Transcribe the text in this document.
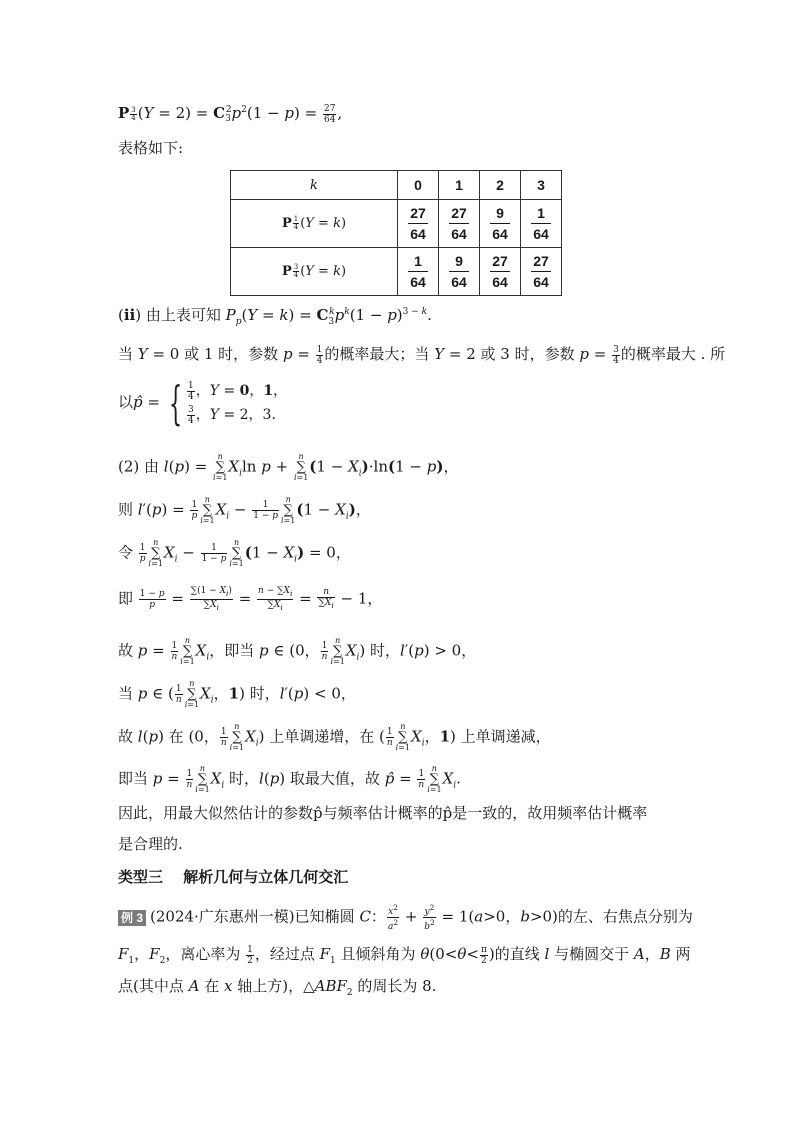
P $\frac{3}{4} (Y = 2) = C_3^2p^2(1 - p) = \frac{27}{64}$ ,
表格如下:
k	0	1	2	3
P $\frac{1}{4} (Y = k)$	$\frac{27}{64}$	$\frac{27}{64}$	$\frac{9}{64}$	$\frac{1}{64}$

P $\frac{3}{4} (Y = k)$	$\frac{1}{64}$	$\frac{9}{64}$	$\frac{27}{64}$	$\frac{27}{64}$
(ⅱ) 由上表可知 $P_p(Y = k) = C_3^kp^k(1 - p)^{3 - k}$.
当 Y = 0 或 1 时，参数 $p = \frac{1}{4}$ 的概率最大；当 Y = 2 或 3 时，参数 $p = \frac{3}{4}$ 的概率最大 . 所
以p̂ = { $\frac{1}{4}$ ，Y = 0，1，
$\frac{3}{4}$ ，Y = 2，3.
(2) 由 l(p) =
n
∑
i=1
$X_i\ln$ p +
n
∑
i=1
$(1 - X_i)\cdot\ln(1 - p)$，
则 $l'(p) = \frac{1}{p}$
n
∑
i=1
$X_i - \frac{1}{1 - p}$
n
∑
i=1
$(1 - X_i)$，
令 $\frac{1}{p}$
n
∑
i=1
$X_i - \frac{1}{1 - p}$
n
∑
i=1
$(1 - X_i) = 0$，
即 $\frac{1 - p}{p} = \frac{\sum(1 - X_i)}{\sum X_i} = \frac{n - \sum X_i}{\sum X_i} = \frac{n}{\sum X_i} - 1$，
故 $p = \frac{1}{n}$
n
∑
i=1
$X_i$，即当 p ∈ (0， $\frac{1}{n}$
n
∑
i=1
$X_i$) 时，l′(p) > 0，
当 p ∈ ( $\frac{1}{n}$
n
∑
i=1
$X_i$，1) 时，l′(p) < 0，
故 l(p) 在 (0， $\frac{1}{n}$
n
∑
i=1
$X_i$) 上单调递增，在 ( $\frac{1}{n}$
n
∑
i=1
$X_i$，1) 上单调递减，
即当 $p = \frac{1}{n}$
n
∑
i=1
$X_i$ 时，l(p) 取最大值，故 p̂ = $\frac{1}{n}$
n
∑
i=1
$X_i$.
因此，用最大似然估计的参数p̂与频率估计概率的p̂是一致的，故用频率估计概率
是合理的.
类型三　 解析几何与立体几何交汇
例 3 (2024·广东惠州一模)已知椭圆 C： $\frac{x^2}{a^2} + \frac{y^2}{b^2} = 1(a>0$，b>0)的左、右焦点分别为
$F_1$，$F_2$，离心率为 $\frac{1}{2}$ ，经过点 $F_1$ 且倾斜角为 $\theta(0<\theta< \frac{\pi}{2}$ )的直线 l 与椭圆交于 A，B 两
点(其中点 A 在 x 轴上方)，$\triangle ABF_2$ 的周长为 8.
